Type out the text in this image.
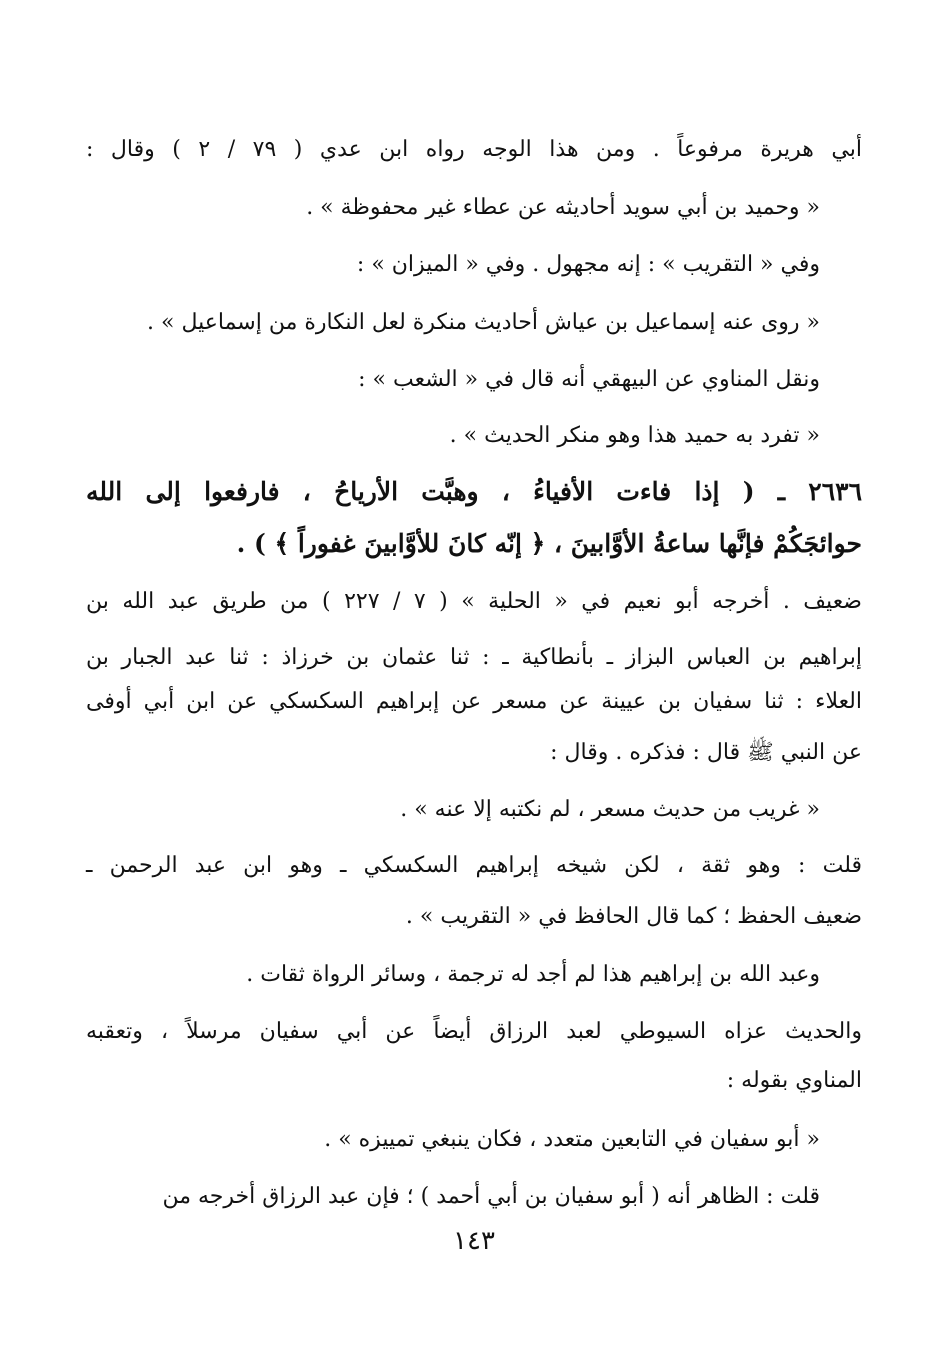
أبي هريرة مرفوعاً . ومن هذا الوجه رواه ابن عدي ( ٧٩ / ٢ ) وقال :
« وحميد بن أبي سويد أحاديثه عن عطاء غير محفوظة » .
وفي « التقريب » : إنه مجهول . وفي « الميزان » :
« روى عنه إسماعيل بن عياش أحاديث منكرة لعل النكارة من إسماعيل » .
ونقل المناوي عن البيهقي أنه قال في « الشعب » :
« تفرد به حميد هذا وهو منكر الحديث » .
٢٦٣٦ ـ ( إذا فاءت الأفياءُ ، وهبَّت الأرياحُ ، فارفعوا إلى الله
حوائجَكُمْ فإنَّها ساعةُ الأوَّابينَ ، ﴿ إنّه كانَ للأوَّابينَ غفوراً ﴾ ) .
ضعيف . أخرجه أبو نعيم في « الحلية » ( ٧ / ٢٢٧ ) من طريق عبد الله بن
إبراهيم بن العباس البزاز ـ بأنطاكية ـ : ثنا عثمان بن خرزاذ : ثنا عبد الجبار بن
العلاء : ثنا سفيان بن عيينة عن مسعر عن إبراهيم السكسكي عن ابن أبي أوفى
عن النبي ﷺ قال : فذكره . وقال :
« غريب من حديث مسعر ، لم نكتبه إلا عنه » .
قلت : وهو ثقة ، لكن شيخه إبراهيم السكسكي ـ وهو ابن عبد الرحمن ـ
ضعيف الحفظ ؛ كما قال الحافظ في « التقريب » .
وعبد الله بن إبراهيم هذا لم أجد له ترجمة ، وسائر الرواة ثقات .
والحديث عزاه السيوطي لعبد الرزاق أيضاً عن أبي سفيان مرسلاً ، وتعقبه
المناوي بقوله :
« أبو سفيان في التابعين متعدد ، فكان ينبغي تمييزه » .
قلت : الظاهر أنه ( أبو سفيان بن أبي أحمد ) ؛ فإن عبد الرزاق أخرجه من
١٤٣
